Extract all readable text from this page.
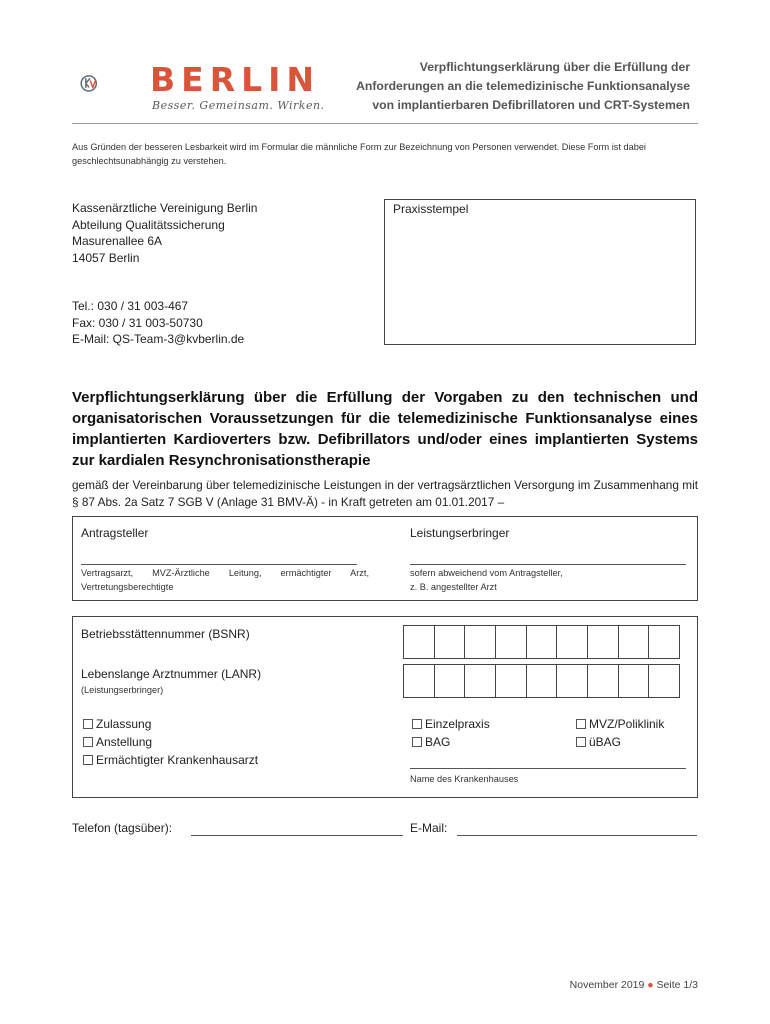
BERLIN
Besser. Gemeinsam. Wirken.
Verpflichtungserklärung über die Erfüllung der
Anforderungen an die telemedizinische Funktionsanalyse
von implantierbaren Defibrillatoren und CRT-Systemen
Aus Gründen der besseren Lesbarkeit wird im Formular die männliche Form zur Bezeichnung von Personen verwendet. Diese Form ist dabei geschlechtsunabhängig zu verstehen.
Kassenärztliche Vereinigung Berlin
Abteilung Qualitätssicherung
Masurenallee 6A
14057 Berlin
Tel.: 030 / 31 003-467
Fax: 030 / 31 003-50730
E-Mail: QS-Team-3@kvberlin.de
Praxisstempel
Verpflichtungserklärung über die Erfüllung der Vorgaben zu den technischen und organisatorischen Voraussetzungen für die telemedizinische Funktionsanalyse eines implantierten Kardioverters bzw. Defibrillators und/oder eines implantierten Systems zur kardialen Resynchronisationstherapie
gemäß der Vereinbarung über telemedizinische Leistungen in der vertragsärztlichen Versorgung im Zusammenhang mit § 87 Abs. 2a Satz 7 SGB V (Anlage 31 BMV-Ä) - in Kraft getreten am 01.01.2017 –
Antragsteller
Vertragsarzt, MVZ-Ärztliche Leitung, ermächtigter Arzt, Vertretungsberechtigte
Leistungserbringer
sofern abweichend vom Antragsteller,
z. B. angestellter Arzt
Betriebsstättennummer (BSNR)
Lebenslange Arztnummer (LANR)
(Leistungserbringer)
Zulassung
Anstellung
Ermächtigter Krankenhausarzt
Einzelpraxis
BAG
MVZ/Poliklinik
üBAG
Name des Krankenhauses
Telefon (tagsüber):	E-Mail:
November 2019 ● Seite 1/3
